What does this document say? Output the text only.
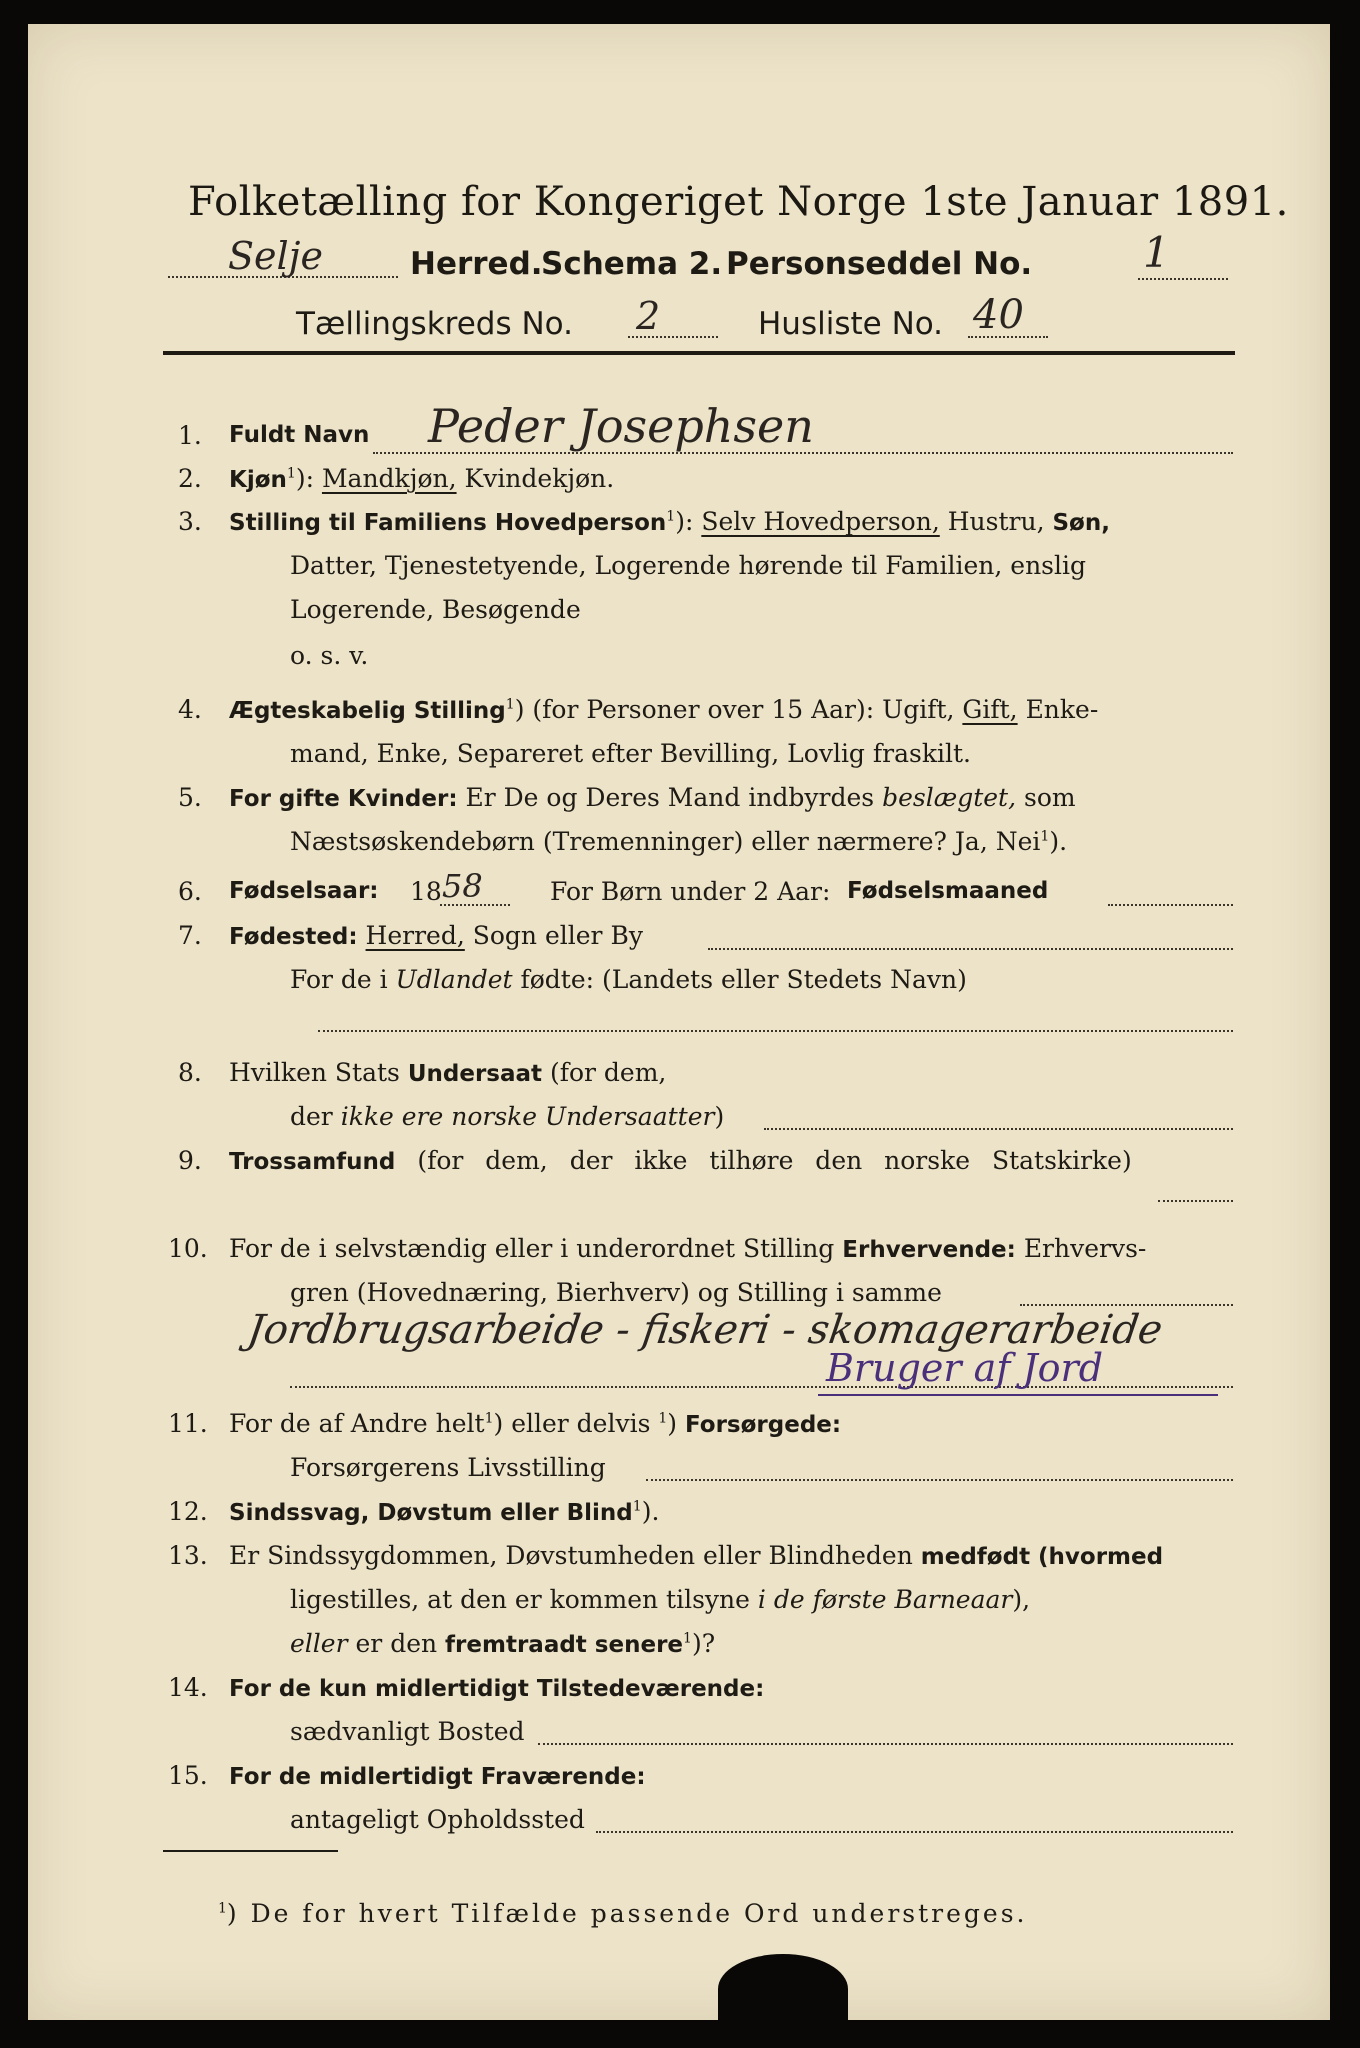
Folketælling for Kongeriget Norge 1ste Januar 1891.
Selje	Herred.
Schema 2. Personseddel No.	1
Tællingskreds No. 2	Husliste No. 40
1. Fuldt Navn Peder Josephsen
2. Kjøn$^1$): Mandkjøn, Kvindekjøn.
3. Stilling til Familiens Hovedperson$^1$): Selv Hovedperson, Hustru, Søn,
Datter, Tjenestetyende, Logerende hørende til Familien, enslig
Logerende, Besøgende
o. s. v.
4. Ægteskabelig Stilling$^1$) (for Personer over 15 Aar): Ugift, Gift, Enke-
mand, Enke, Separeret efter Bevilling, Lovlig fraskilt.
5. For gifte Kvinder: Er De og Deres Mand indbyrdes beslægtet, som
Næstsøskendebørn (Tremenninger) eller nærmere? Ja, Nei$^1$).
6. Fødselsaar: 18 58	For Børn under 2 Aar: Fødselsmaaned
7. Fødested: Herred, Sogn eller By
For de i Udlandet fødte: (Landets eller Stedets Navn)
8. Hvilken Stats Undersaat (for dem,
der ikke ere norske Undersaatter)
9. Trossamfund (for dem, der ikke tilhøre den norske Statskirke)
10. For de i selvstændig eller i underordnet Stilling Erhvervende: Erhvervs-
gren (Hovednæring, Bierhverv) og Stilling i samme
Jordbrugsarbeide - fiskeri - skomagerarbeide
Bruger af Jord
11. For de af Andre helt$^1$) eller delvis $^1$) Forsørgede:
Forsørgerens Livsstilling
12. Sindssvag, Døvstum eller Blind$^1$).
13. Er Sindssygdommen, Døvstumheden eller Blindheden medfødt (hvormed
ligestilles, at den er kommen tilsyne i de første Barneaar),
eller er den fremtraadt senere$^1$)?
14. For de kun midlertidigt Tilstedeværende:
sædvanligt Bosted
15. For de midlertidigt Fraværende:
antageligt Opholdssted
$^1$) De for hvert Tilfælde passende Ord understreges.
